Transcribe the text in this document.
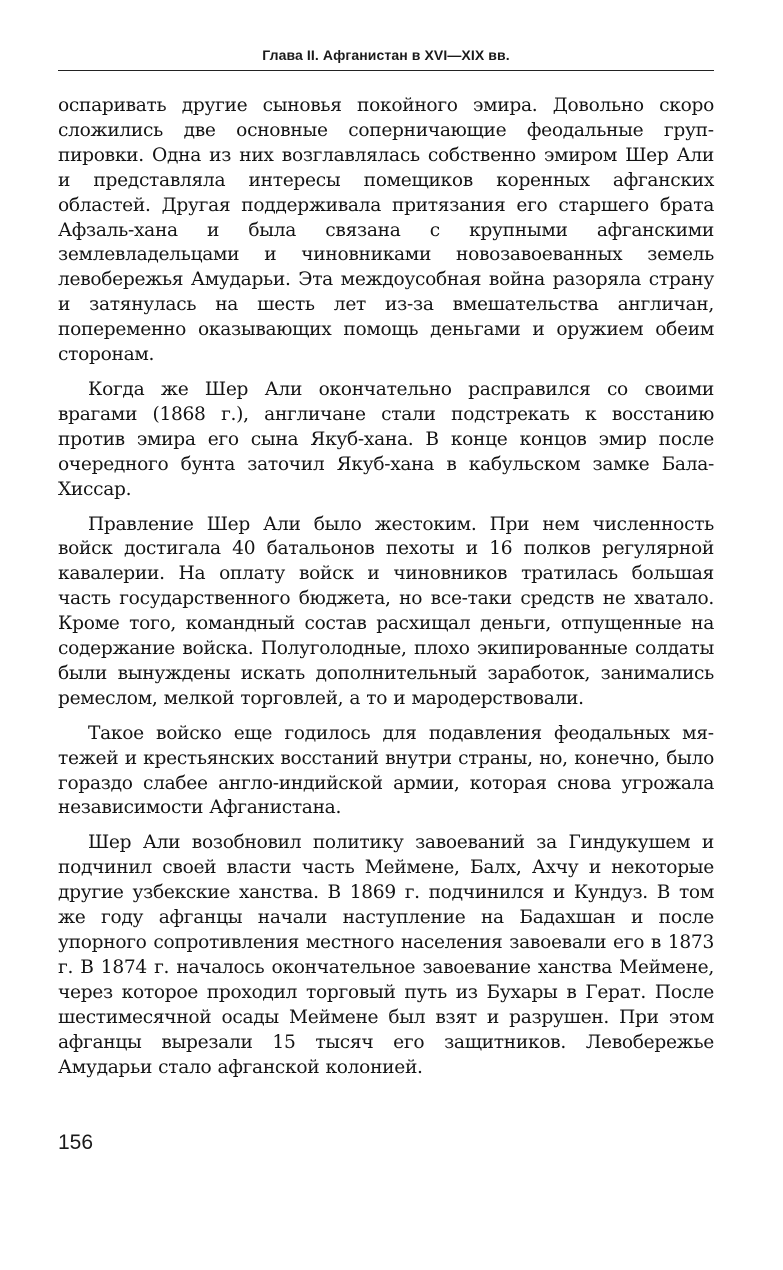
Глава II. Афганистан в XVI—XIX вв.

оспаривать другие сыновья покойного эмира. Довольно скоро сложились две основные соперничающие феодальные группировки. Одна из них возглавлялась собственно эмиром Шер Али и представляла интересы помещиков коренных афганских областей. Другая поддерживала притязания его старшего брата Афзаль-хана и была связана с крупными афганскими землевладельцами и чиновниками новозавоеванных земель левобережья Амударьи. Эта междоусобная война разоряла страну и затянулась на шесть лет из-за вмешательства англичан, попеременно оказывающих помощь деньгами и оружием обеим сторонам.

Когда же Шер Али окончательно расправился со своими врагами (1868 г.), англичане стали подстрекать к восстанию против эмира его сына Якуб-хана. В конце концов эмир после очередного бунта заточил Якуб-хана в кабульском замке Бала-Хиссар.

Правление Шер Али было жестоким. При нем численность войск достигала 40 батальонов пехоты и 16 полков регулярной кавалерии. На оплату войск и чиновников тратилась большая часть государственного бюджета, но все-таки средств не хватало. Кроме того, командный состав расхищал деньги, отпущенные на содержание войска. Полуголодные, плохо экипированные солдаты были вынуждены искать дополнительный заработок, занимались ремеслом, мелкой торговлей, а то и мародерствовали.

Такое войско еще годилось для подавления феодальных мятежей и крестьянских восстаний внутри страны, но, конечно, было гораздо слабее англо-индийской армии, которая снова угрожала независимости Афганистана.

Шер Али возобновил политику завоеваний за Гиндукушем и подчинил своей власти часть Меймене, Балх, Ахчу и некоторые другие узбекские ханства. В 1869 г. подчинился и Кундуз. В том же году афганцы начали наступление на Бадахшан и после упорного сопротивления местного населения завоевали его в 1873 г. В 1874 г. началось окончательное завоевание ханства Меймене, через которое проходил торговый путь из Бухары в Герат. После шестимесячной осады Меймене был взят и разрушен. При этом афганцы вырезали 15 тысяч его защитников. Левобережье Амударьи стало афганской колонией.

156
